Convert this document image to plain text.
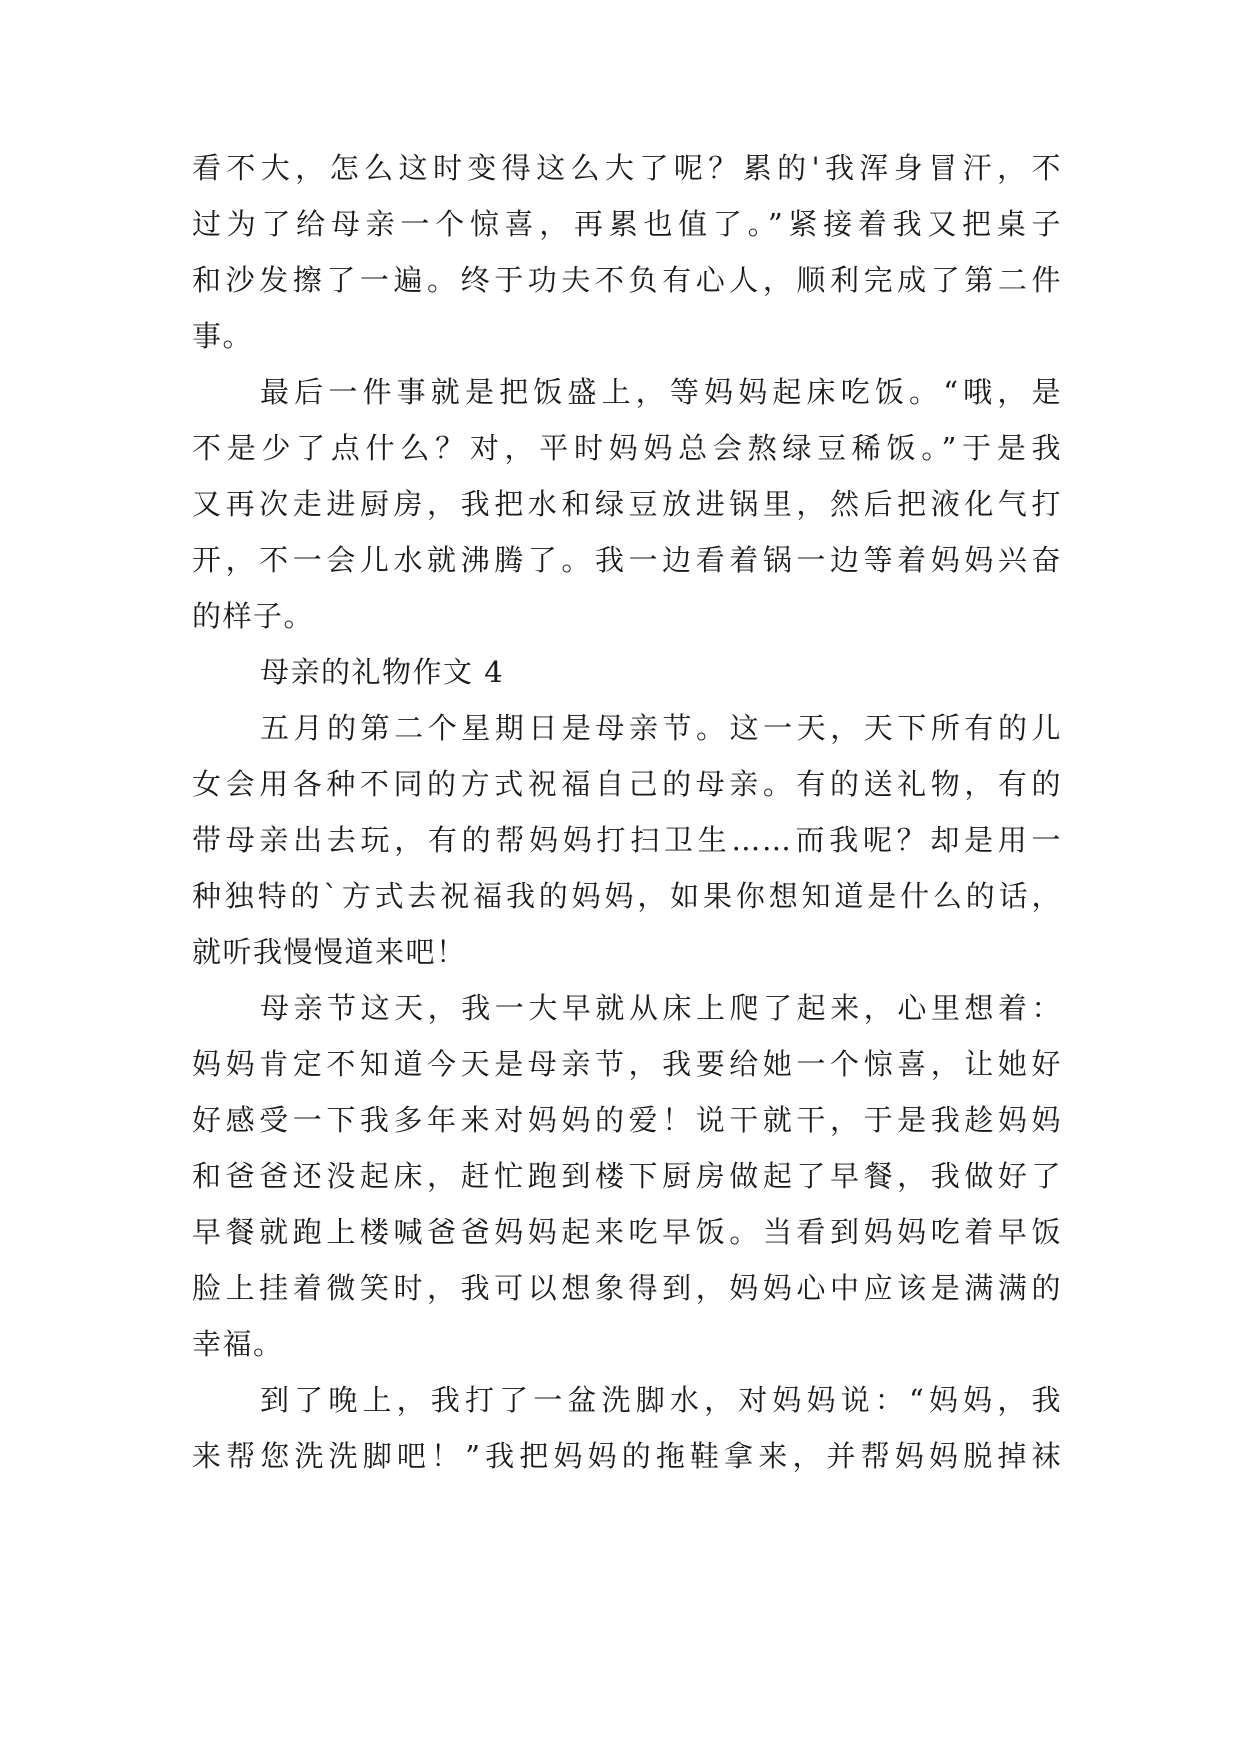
看不大，怎么这时变得这么大了呢？累的'我浑身冒汗，不
过为了给母亲一个惊喜，再累也值了。”紧接着我又把桌子
和沙发擦了一遍。终于功夫不负有心人，顺利完成了第二件
事。
最后一件事就是把饭盛上，等妈妈起床吃饭。“哦，是
不是少了点什么？对，平时妈妈总会熬绿豆稀饭。”于是我
又再次走进厨房，我把水和绿豆放进锅里，然后把液化气打
开，不一会儿水就沸腾了。我一边看着锅一边等着妈妈兴奋
的样子。
母亲的礼物作文 4
五月的第二个星期日是母亲节。这一天，天下所有的儿
女会用各种不同的方式祝福自己的母亲。有的送礼物，有的
带母亲出去玩，有的帮妈妈打扫卫生……而我呢？却是用一
种独特的`方式去祝福我的妈妈，如果你想知道是什么的话，
就听我慢慢道来吧！
母亲节这天，我一大早就从床上爬了起来，心里想着：
妈妈肯定不知道今天是母亲节，我要给她一个惊喜，让她好
好感受一下我多年来对妈妈的爱！说干就干，于是我趁妈妈
和爸爸还没起床，赶忙跑到楼下厨房做起了早餐，我做好了
早餐就跑上楼喊爸爸妈妈起来吃早饭。当看到妈妈吃着早饭
脸上挂着微笑时，我可以想象得到，妈妈心中应该是满满的
幸福。
到了晚上，我打了一盆洗脚水，对妈妈说：“妈妈，我
来帮您洗洗脚吧！”我把妈妈的拖鞋拿来，并帮妈妈脱掉袜
